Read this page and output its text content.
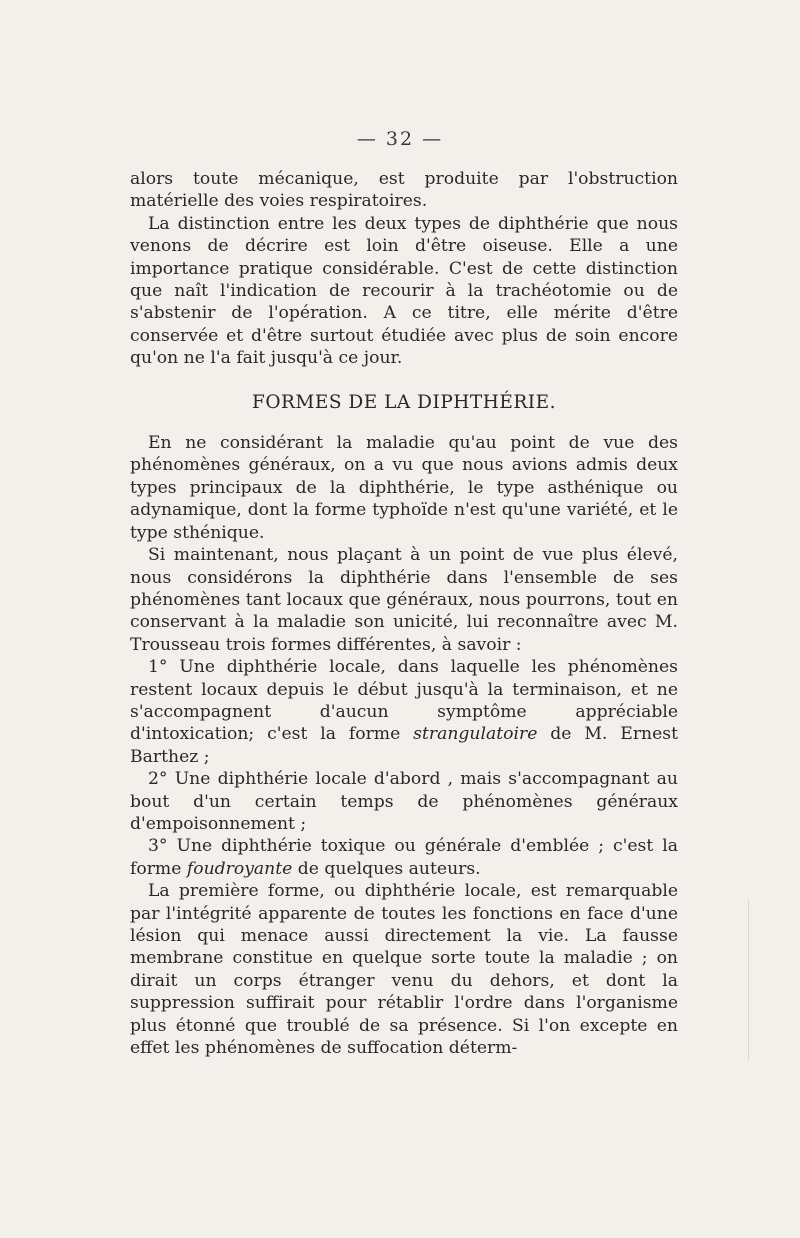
— 32 —

alors toute mécanique, est produite par l'obstruction matérielle des voies respiratoires.

La distinction entre les deux types de diphthérie que nous venons de décrire est loin d'être oiseuse. Elle a une importance pratique considérable. C'est de cette distinction que naît l'indication de recourir à la trachéotomie ou de s'abstenir de l'opération. A ce titre, elle mérite d'être conservée et d'être surtout étudiée avec plus de soin encore qu'on ne l'a fait jusqu'à ce jour.

FORMES DE LA DIPHTHÉRIE.

En ne considérant la maladie qu'au point de vue des phénomènes généraux, on a vu que nous avions admis deux types principaux de la diphthérie, le type asthénique ou adynamique, dont la forme typhoïde n'est qu'une variété, et le type sthénique.

Si maintenant, nous plaçant à un point de vue plus élevé, nous considérons la diphthérie dans l'ensemble de ses phénomènes tant locaux que généraux, nous pourrons, tout en conservant à la maladie son unicité, lui reconnaître avec M. Trousseau trois formes différentes, à savoir :

1° Une diphthérie locale, dans laquelle les phénomènes restent locaux depuis le début jusqu'à la terminaison, et ne s'accompagnent d'aucun symptôme appréciable d'intoxication; c'est la forme strangulatoire de M. Ernest Barthez ;

2° Une diphthérie locale d'abord , mais s'accompagnant au bout d'un certain temps de phénomènes généraux d'empoisonnement ;

3° Une diphthérie toxique ou générale d'emblée ; c'est la forme foudroyante de quelques auteurs.

La première forme, ou diphthérie locale, est remarquable par l'intégrité apparente de toutes les fonctions en face d'une lésion qui menace aussi directement la vie. La fausse membrane constitue en quelque sorte toute la maladie ; on dirait un corps étranger venu du dehors, et dont la suppression suffirait pour rétablir l'ordre dans l'organisme plus étonné que troublé de sa présence. Si l'on excepte en effet les phénomènes de suffocation déterm-
